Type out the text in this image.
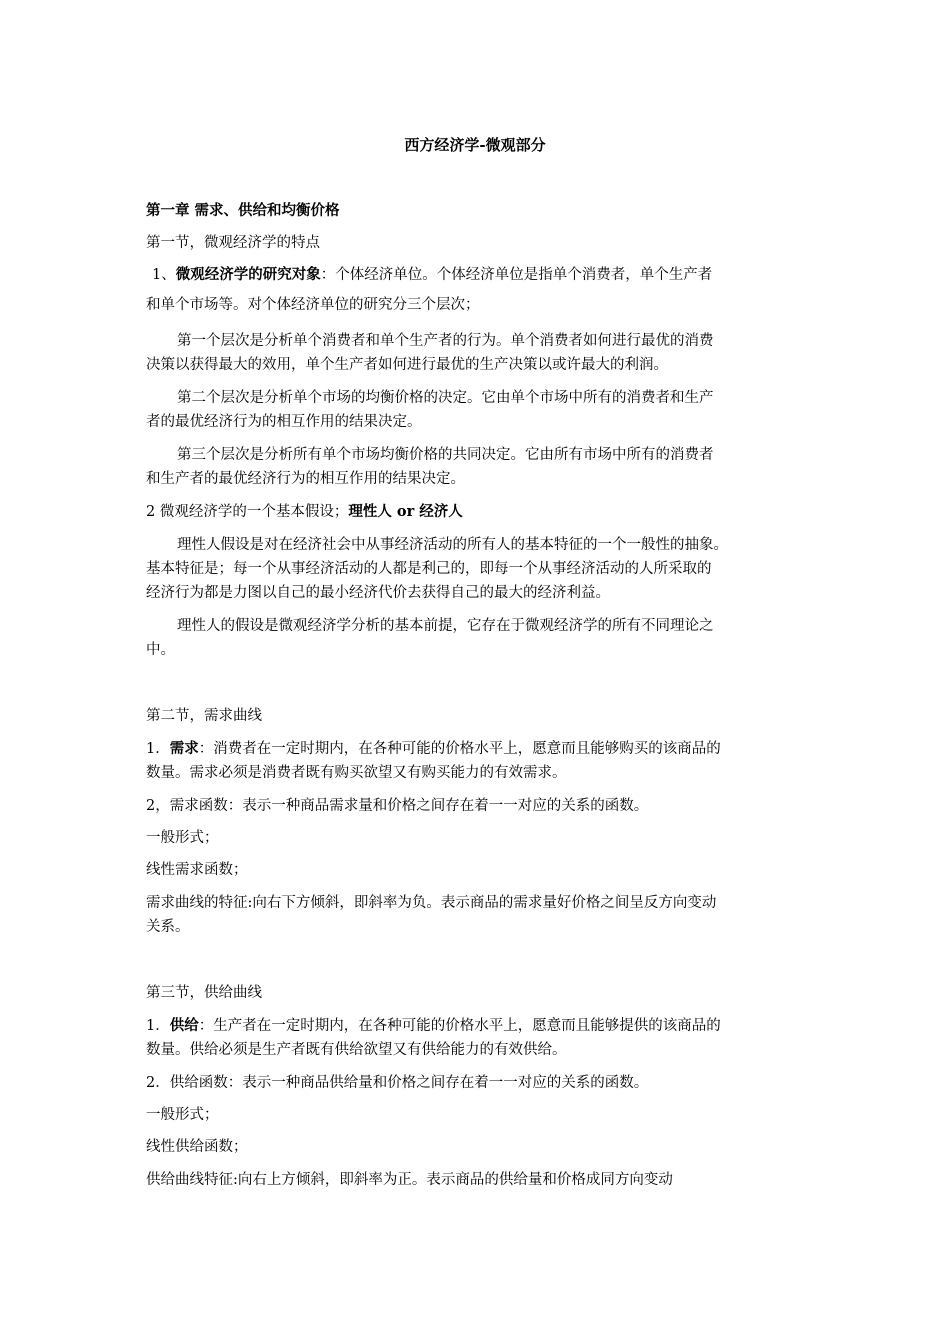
西方经济学-微观部分
第一章 需求、供给和均衡价格
第一节，微观经济学的特点
1、微观经济学的研究对象：个体经济单位。个体经济单位是指单个消费者，单个生产者
和单个市场等。对个体经济单位的研究分三个层次；
第一个层次是分析单个消费者和单个生产者的行为。单个消费者如何进行最优的消费
决策以获得最大的效用，单个生产者如何进行最优的生产决策以或许最大的利润。
第二个层次是分析单个市场的均衡价格的决定。它由单个市场中所有的消费者和生产
者的最优经济行为的相互作用的结果决定。
第三个层次是分析所有单个市场均衡价格的共同决定。它由所有市场中所有的消费者
和生产者的最优经济行为的相互作用的结果决定。
2 微观经济学的一个基本假设；理性人 or 经济人
理性人假设是对在经济社会中从事经济活动的所有人的基本特征的一个一般性的抽象。
基本特征是；每一个从事经济活动的人都是利己的，即每一个从事经济活动的人所采取的
经济行为都是力图以自己的最小经济代价去获得自己的最大的经济利益。
理性人的假设是微观经济学分析的基本前提，它存在于微观经济学的所有不同理论之
中。
第二节，需求曲线
1．需求：消费者在一定时期内，在各种可能的价格水平上，愿意而且能够购买的该商品的
数量。需求必须是消费者既有购买欲望又有购买能力的有效需求。
2，需求函数：表示一种商品需求量和价格之间存在着一一对应的关系的函数。
一般形式；
线性需求函数；
需求曲线的特征:向右下方倾斜，即斜率为负。表示商品的需求量好价格之间呈反方向变动
关系。
第三节，供给曲线
1．供给：生产者在一定时期内，在各种可能的价格水平上，愿意而且能够提供的该商品的
数量。供给必须是生产者既有供给欲望又有供给能力的有效供给。
2．供给函数：表示一种商品供给量和价格之间存在着一一对应的关系的函数。
一般形式；
线性供给函数；
供给曲线特征:向右上方倾斜，即斜率为正。表示商品的供给量和价格成同方向变动
